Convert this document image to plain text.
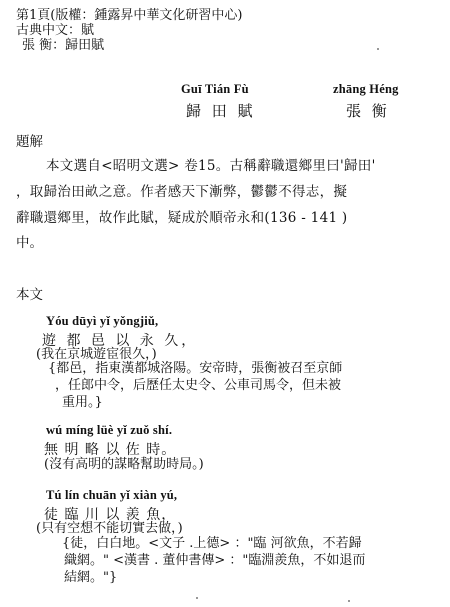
第1頁(版權：鍾露昇中華文化研習中心)
古典中文：賦
張 衡：歸田賦
Guī Tián Fù
歸 田 賦
zhāng Héng
張 衡
題解
本文選自<昭明文選> 卷15。古稱辭職還鄉里曰'歸田'
，取歸治田畝之意。作者感天下漸弊，鬱鬱不得志，擬
辭職還鄉里，故作此賦，疑成於順帝永和(136 - 141 )
中。
本文
Yóu dūyì yǐ yǒngjiǔ,
遊 都 邑 以 永 久，
(我在京城遊宦很久，)
{都邑，指東漢都城洛陽。安帝時，張衡被召至京師
，任郎中令，后歷任太史令、公車司馬令，但未被
重用。}
wú míng lüè yǐ zuǒ shí.
無 明 略 以 佐 時。
(沒有高明的謀略幫助時局。)
Tú lín chuān yǐ xiàn yú,
徒 臨 川 以 羨 魚，
(只有空想不能切實去做，)
{徒，白白地。<文子 .上德> ："臨 河欲魚，不若歸
織網。" <漢書 . 董仲書傳> ："臨淵羨魚，不如退而
結網。"}
